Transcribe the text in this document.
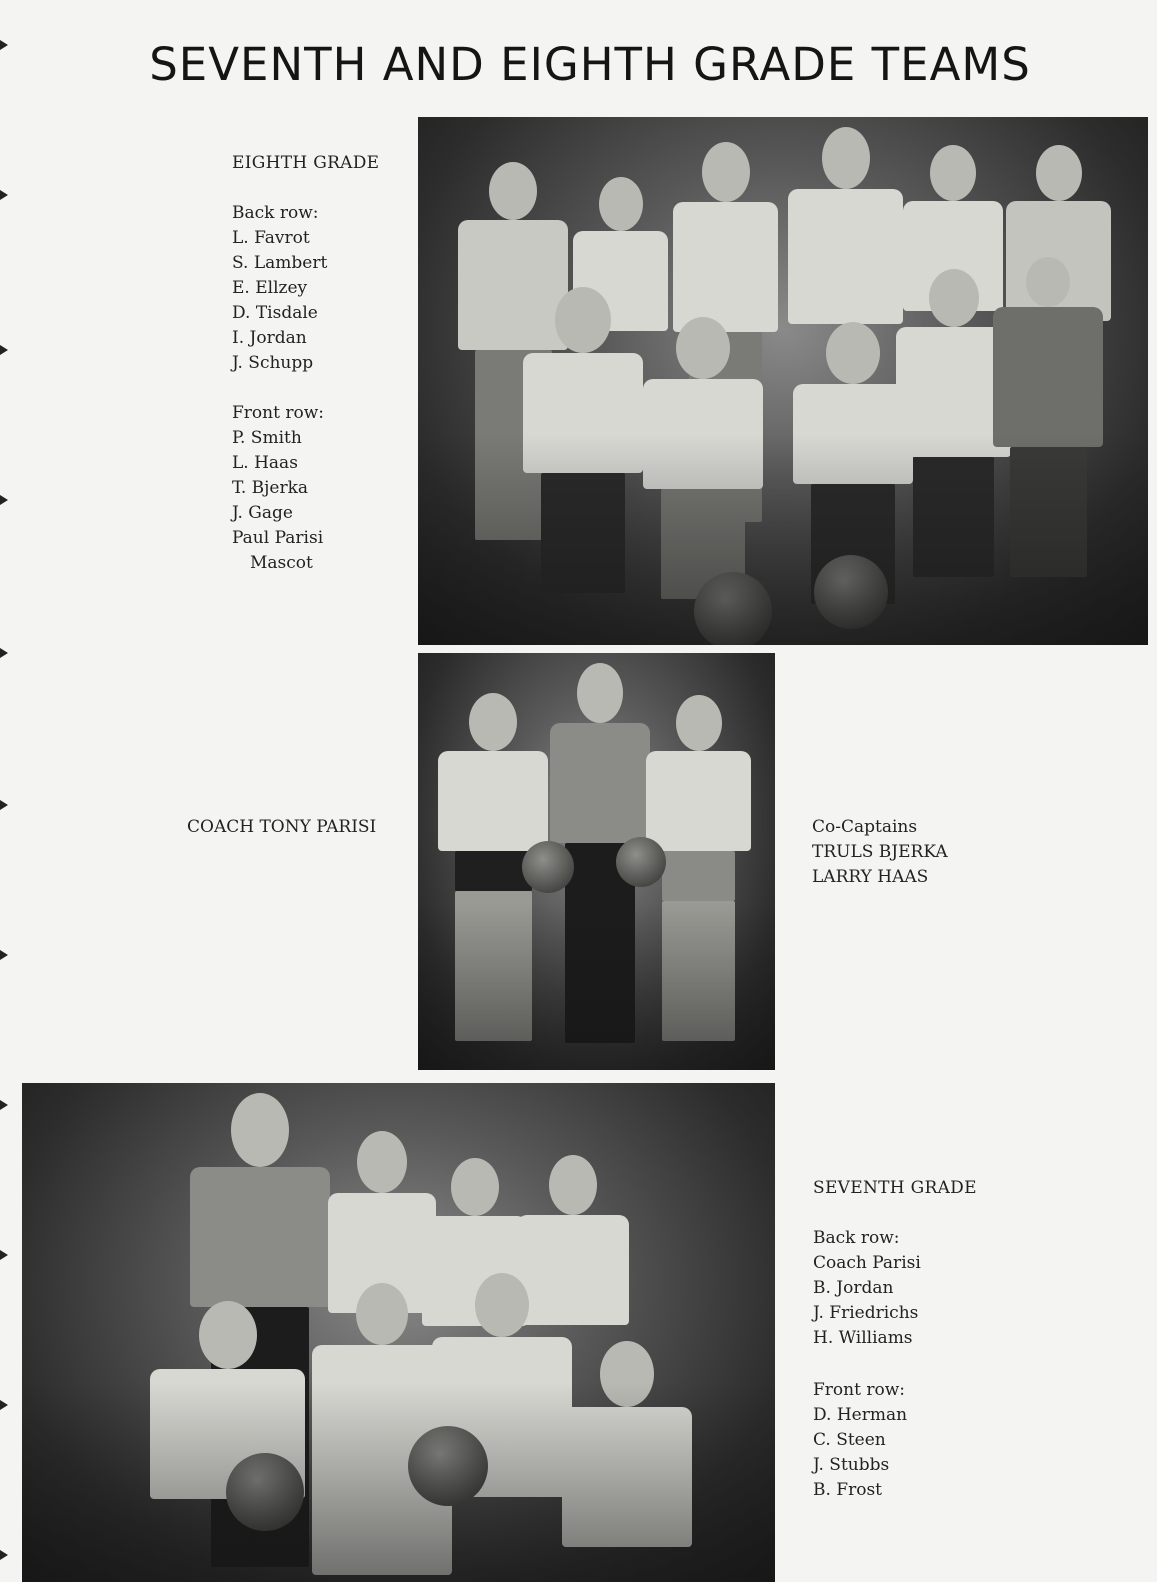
SEVENTH AND EIGHTH GRADE TEAMS
EIGHTH GRADE
Back row:
L. Favrot
S. Lambert
E. Ellzey
D. Tisdale
I. Jordan
J. Schupp
Front row:
P. Smith
L. Haas
T. Bjerka
J. Gage
Paul Parisi
Mascot
COACH TONY PARISI	Co-Captains
TRULS BJERKA
LARRY HAAS
SEVENTH GRADE
Back row:
Coach Parisi
B. Jordan
J. Friedrichs
H. Williams
Front row:
D. Herman
C. Steen
J. Stubbs
B. Frost
